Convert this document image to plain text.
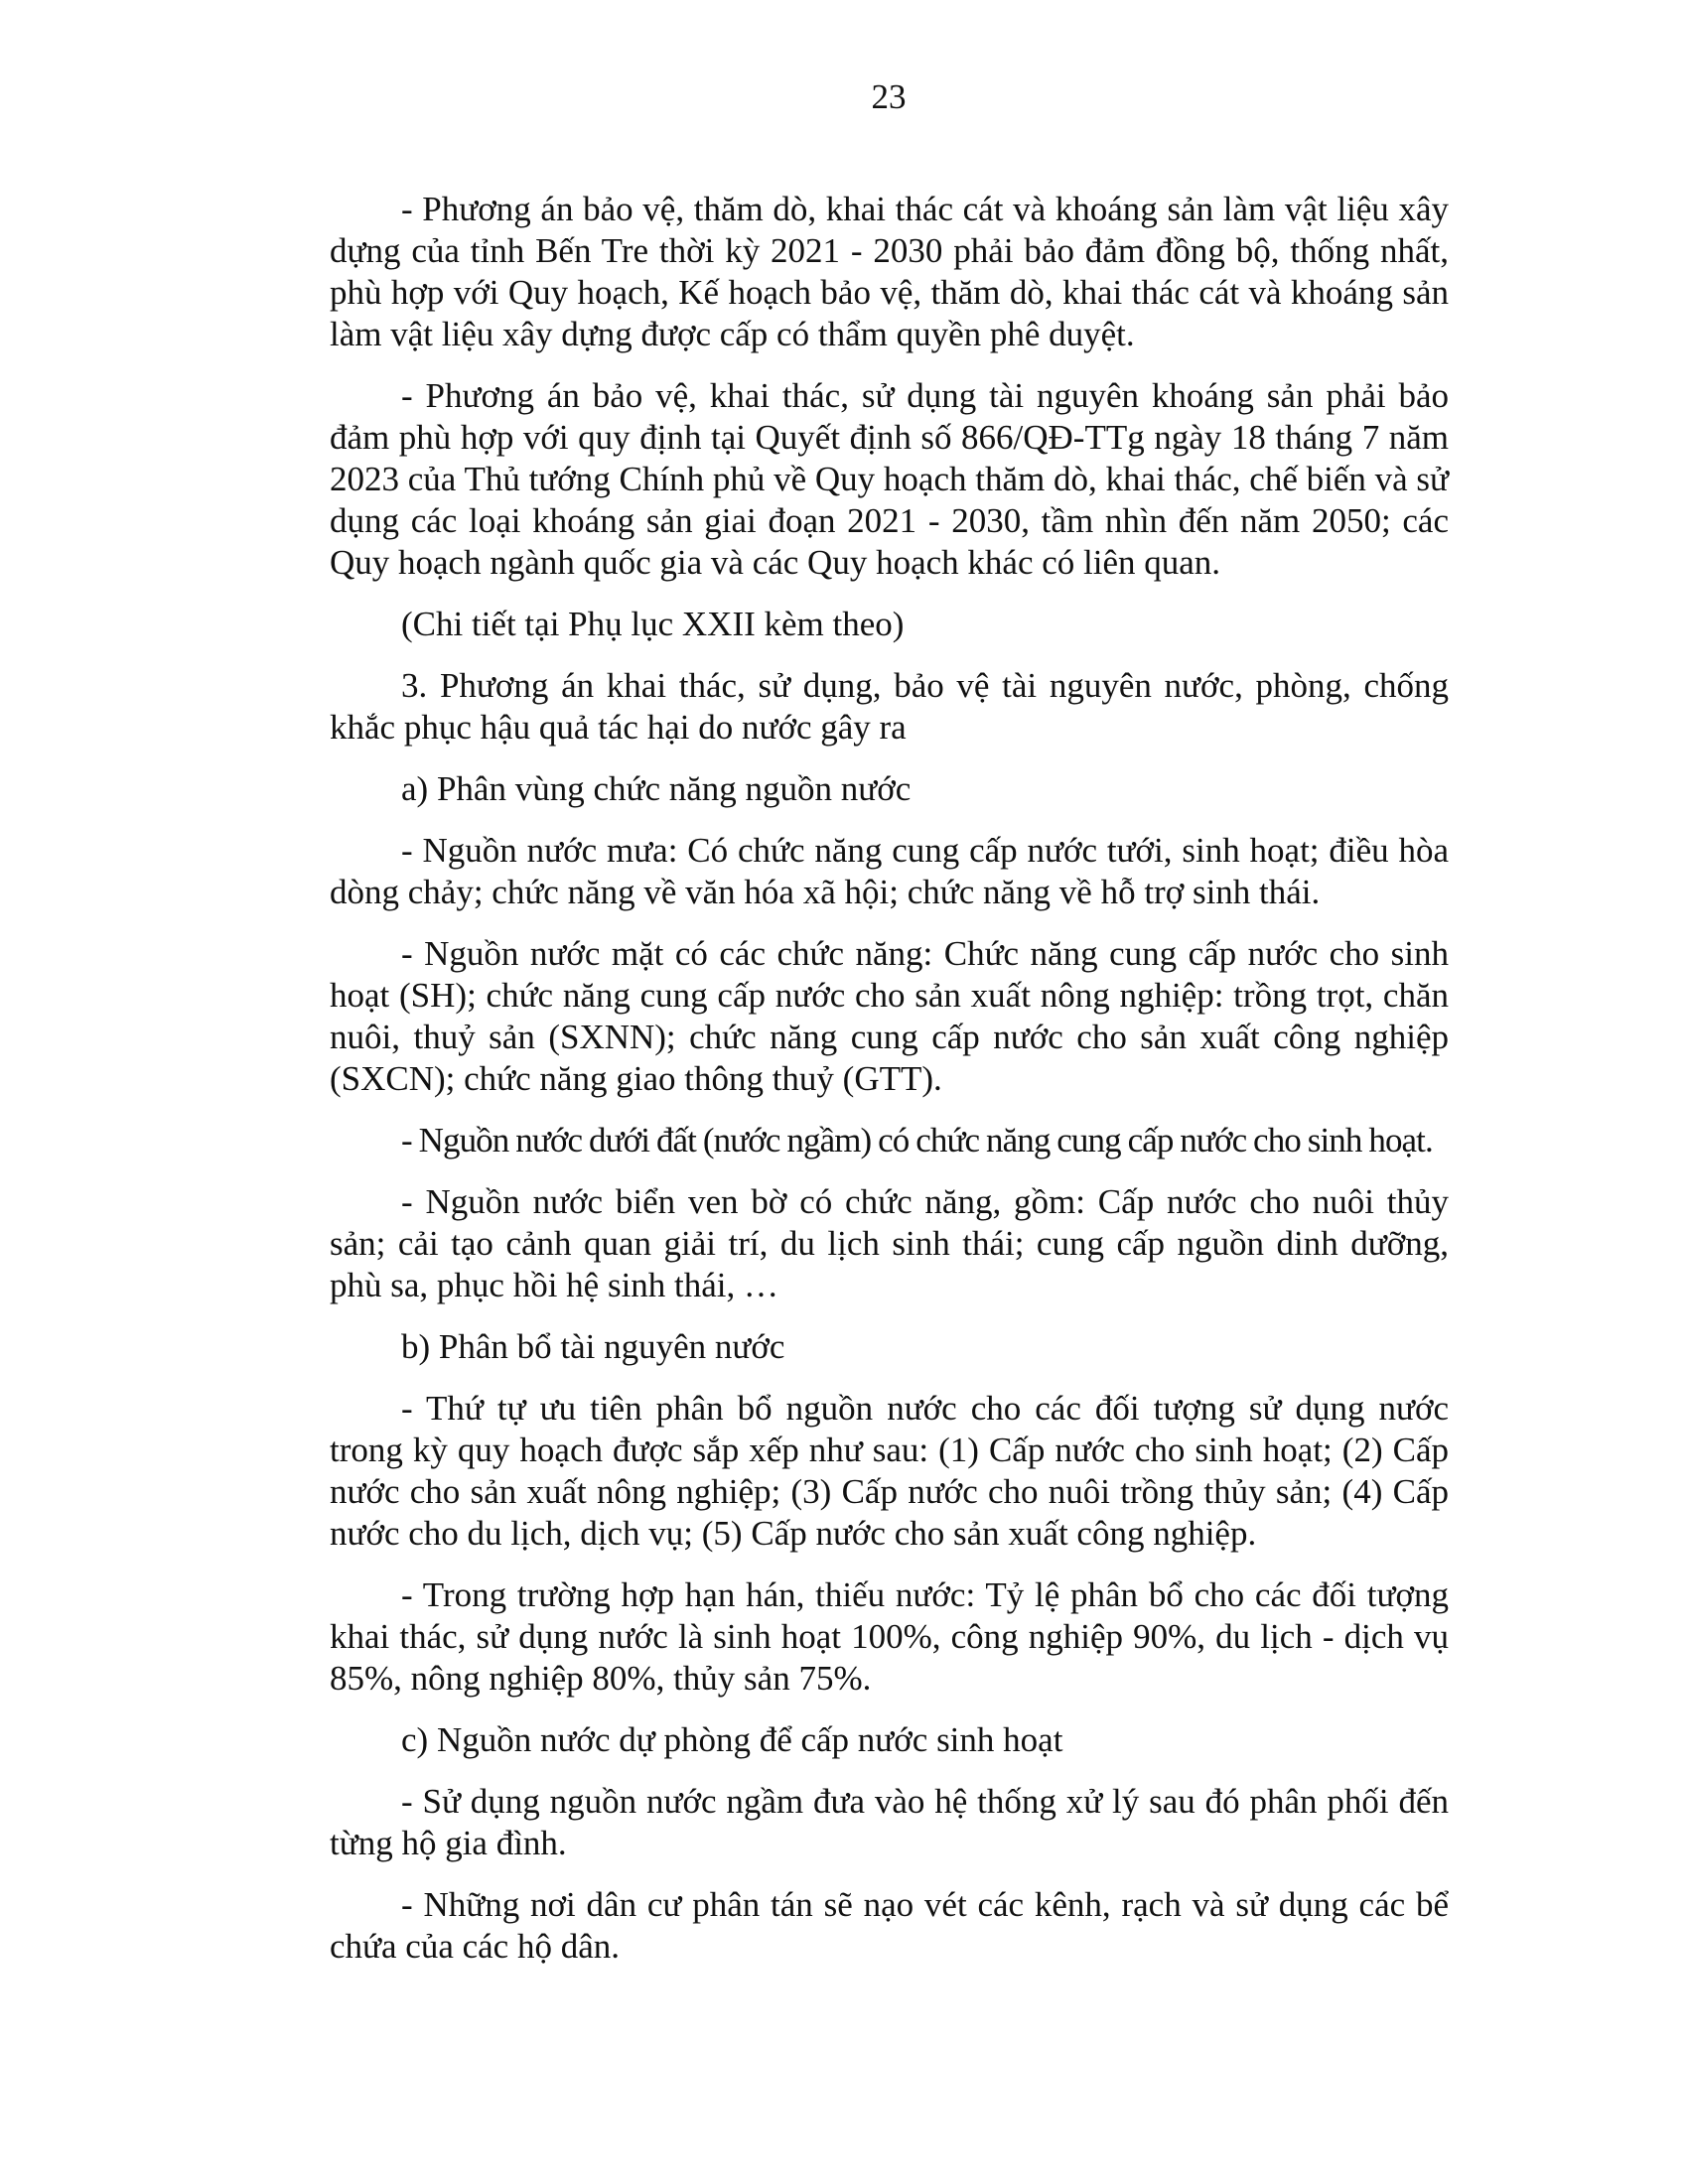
23

- Phương án bảo vệ, thăm dò, khai thác cát và khoáng sản làm vật liệu xây dựng của tỉnh Bến Tre thời kỳ 2021 - 2030 phải bảo đảm đồng bộ, thống nhất, phù hợp với Quy hoạch, Kế hoạch bảo vệ, thăm dò, khai thác cát và khoáng sản làm vật liệu xây dựng được cấp có thẩm quyền phê duyệt.

- Phương án bảo vệ, khai thác, sử dụng tài nguyên khoáng sản phải bảo đảm phù hợp với quy định tại Quyết định số 866/QĐ-TTg ngày 18 tháng 7 năm 2023 của Thủ tướng Chính phủ về Quy hoạch thăm dò, khai thác, chế biến và sử dụng các loại khoáng sản giai đoạn 2021 - 2030, tầm nhìn đến năm 2050; các Quy hoạch ngành quốc gia và các Quy hoạch khác có liên quan.

(Chi tiết tại Phụ lục XXII kèm theo)

3. Phương án khai thác, sử dụng, bảo vệ tài nguyên nước, phòng, chống khắc phục hậu quả tác hại do nước gây ra

a) Phân vùng chức năng nguồn nước

- Nguồn nước mưa: Có chức năng cung cấp nước tưới, sinh hoạt; điều hòa dòng chảy; chức năng về văn hóa xã hội; chức năng về hỗ trợ sinh thái.

- Nguồn nước mặt có các chức năng: Chức năng cung cấp nước cho sinh hoạt (SH); chức năng cung cấp nước cho sản xuất nông nghiệp: trồng trọt, chăn nuôi, thuỷ sản (SXNN); chức năng cung cấp nước cho sản xuất công nghiệp (SXCN); chức năng giao thông thuỷ (GTT).

- Nguồn nước dưới đất (nước ngầm) có chức năng cung cấp nước cho sinh hoạt.

- Nguồn nước biển ven bờ có chức năng, gồm: Cấp nước cho nuôi thủy sản; cải tạo cảnh quan giải trí, du lịch sinh thái; cung cấp nguồn dinh dưỡng, phù sa, phục hồi hệ sinh thái, …

b) Phân bổ tài nguyên nước

- Thứ tự ưu tiên phân bổ nguồn nước cho các đối tượng sử dụng nước trong kỳ quy hoạch được sắp xếp như sau: (1) Cấp nước cho sinh hoạt; (2) Cấp nước cho sản xuất nông nghiệp; (3) Cấp nước cho nuôi trồng thủy sản; (4) Cấp nước cho du lịch, dịch vụ; (5) Cấp nước cho sản xuất công nghiệp.

- Trong trường hợp hạn hán, thiếu nước: Tỷ lệ phân bổ cho các đối tượng khai thác, sử dụng nước là sinh hoạt 100%, công nghiệp 90%, du lịch - dịch vụ 85%, nông nghiệp 80%, thủy sản 75%.

c) Nguồn nước dự phòng để cấp nước sinh hoạt

- Sử dụng nguồn nước ngầm đưa vào hệ thống xử lý sau đó phân phối đến từng hộ gia đình.

- Những nơi dân cư phân tán sẽ nạo vét các kênh, rạch và sử dụng các bể chứa của các hộ dân.
